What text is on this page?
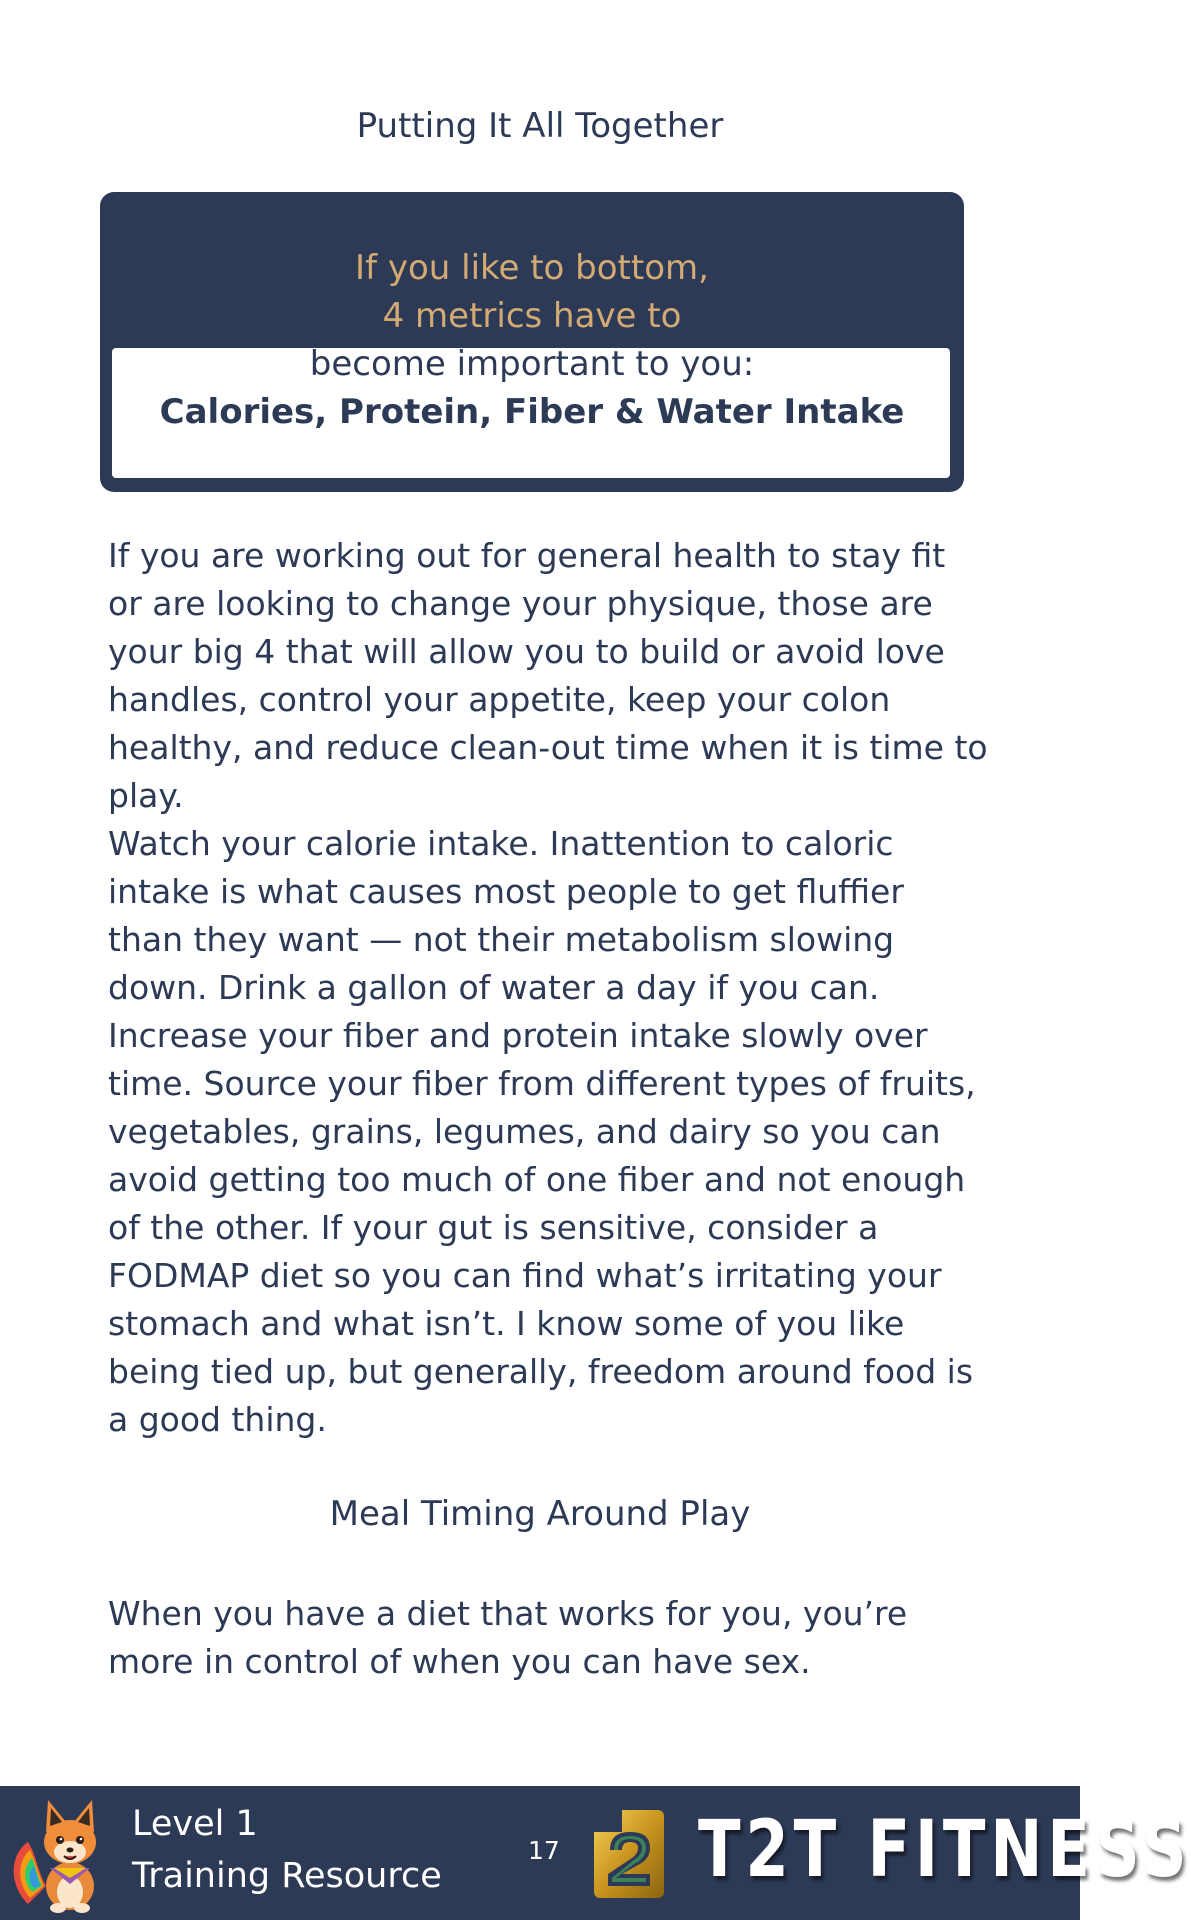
Putting It All Together
If you like to bottom,
4 metrics have to
become important to you:
Calories, Protein, Fiber & Water Intake

If you are working out for general health to stay fit or are looking to change your physique, those are your big 4 that will allow you to build or avoid love handles, control your appetite, keep your colon healthy, and reduce clean-out time when it is time to play.

Watch your calorie intake. Inattention to caloric intake is what causes most people to get fluffier than they want — not their metabolism slowing down. Drink a gallon of water a day if you can. Increase your fiber and protein intake slowly over time. Source your fiber from different types of fruits, vegetables, grains, legumes, and dairy so you can avoid getting too much of one fiber and not enough of the other. If your gut is sensitive, consider a FODMAP diet so you can find what’s irritating your stomach and what isn’t. I know some of you like being tied up, but generally, freedom around food is a good thing.

Meal Timing Around Play

When you have a diet that works for you, you’re more in control of when you can have sex.

Level 1
Training Resource
17 T2T FITNESS
